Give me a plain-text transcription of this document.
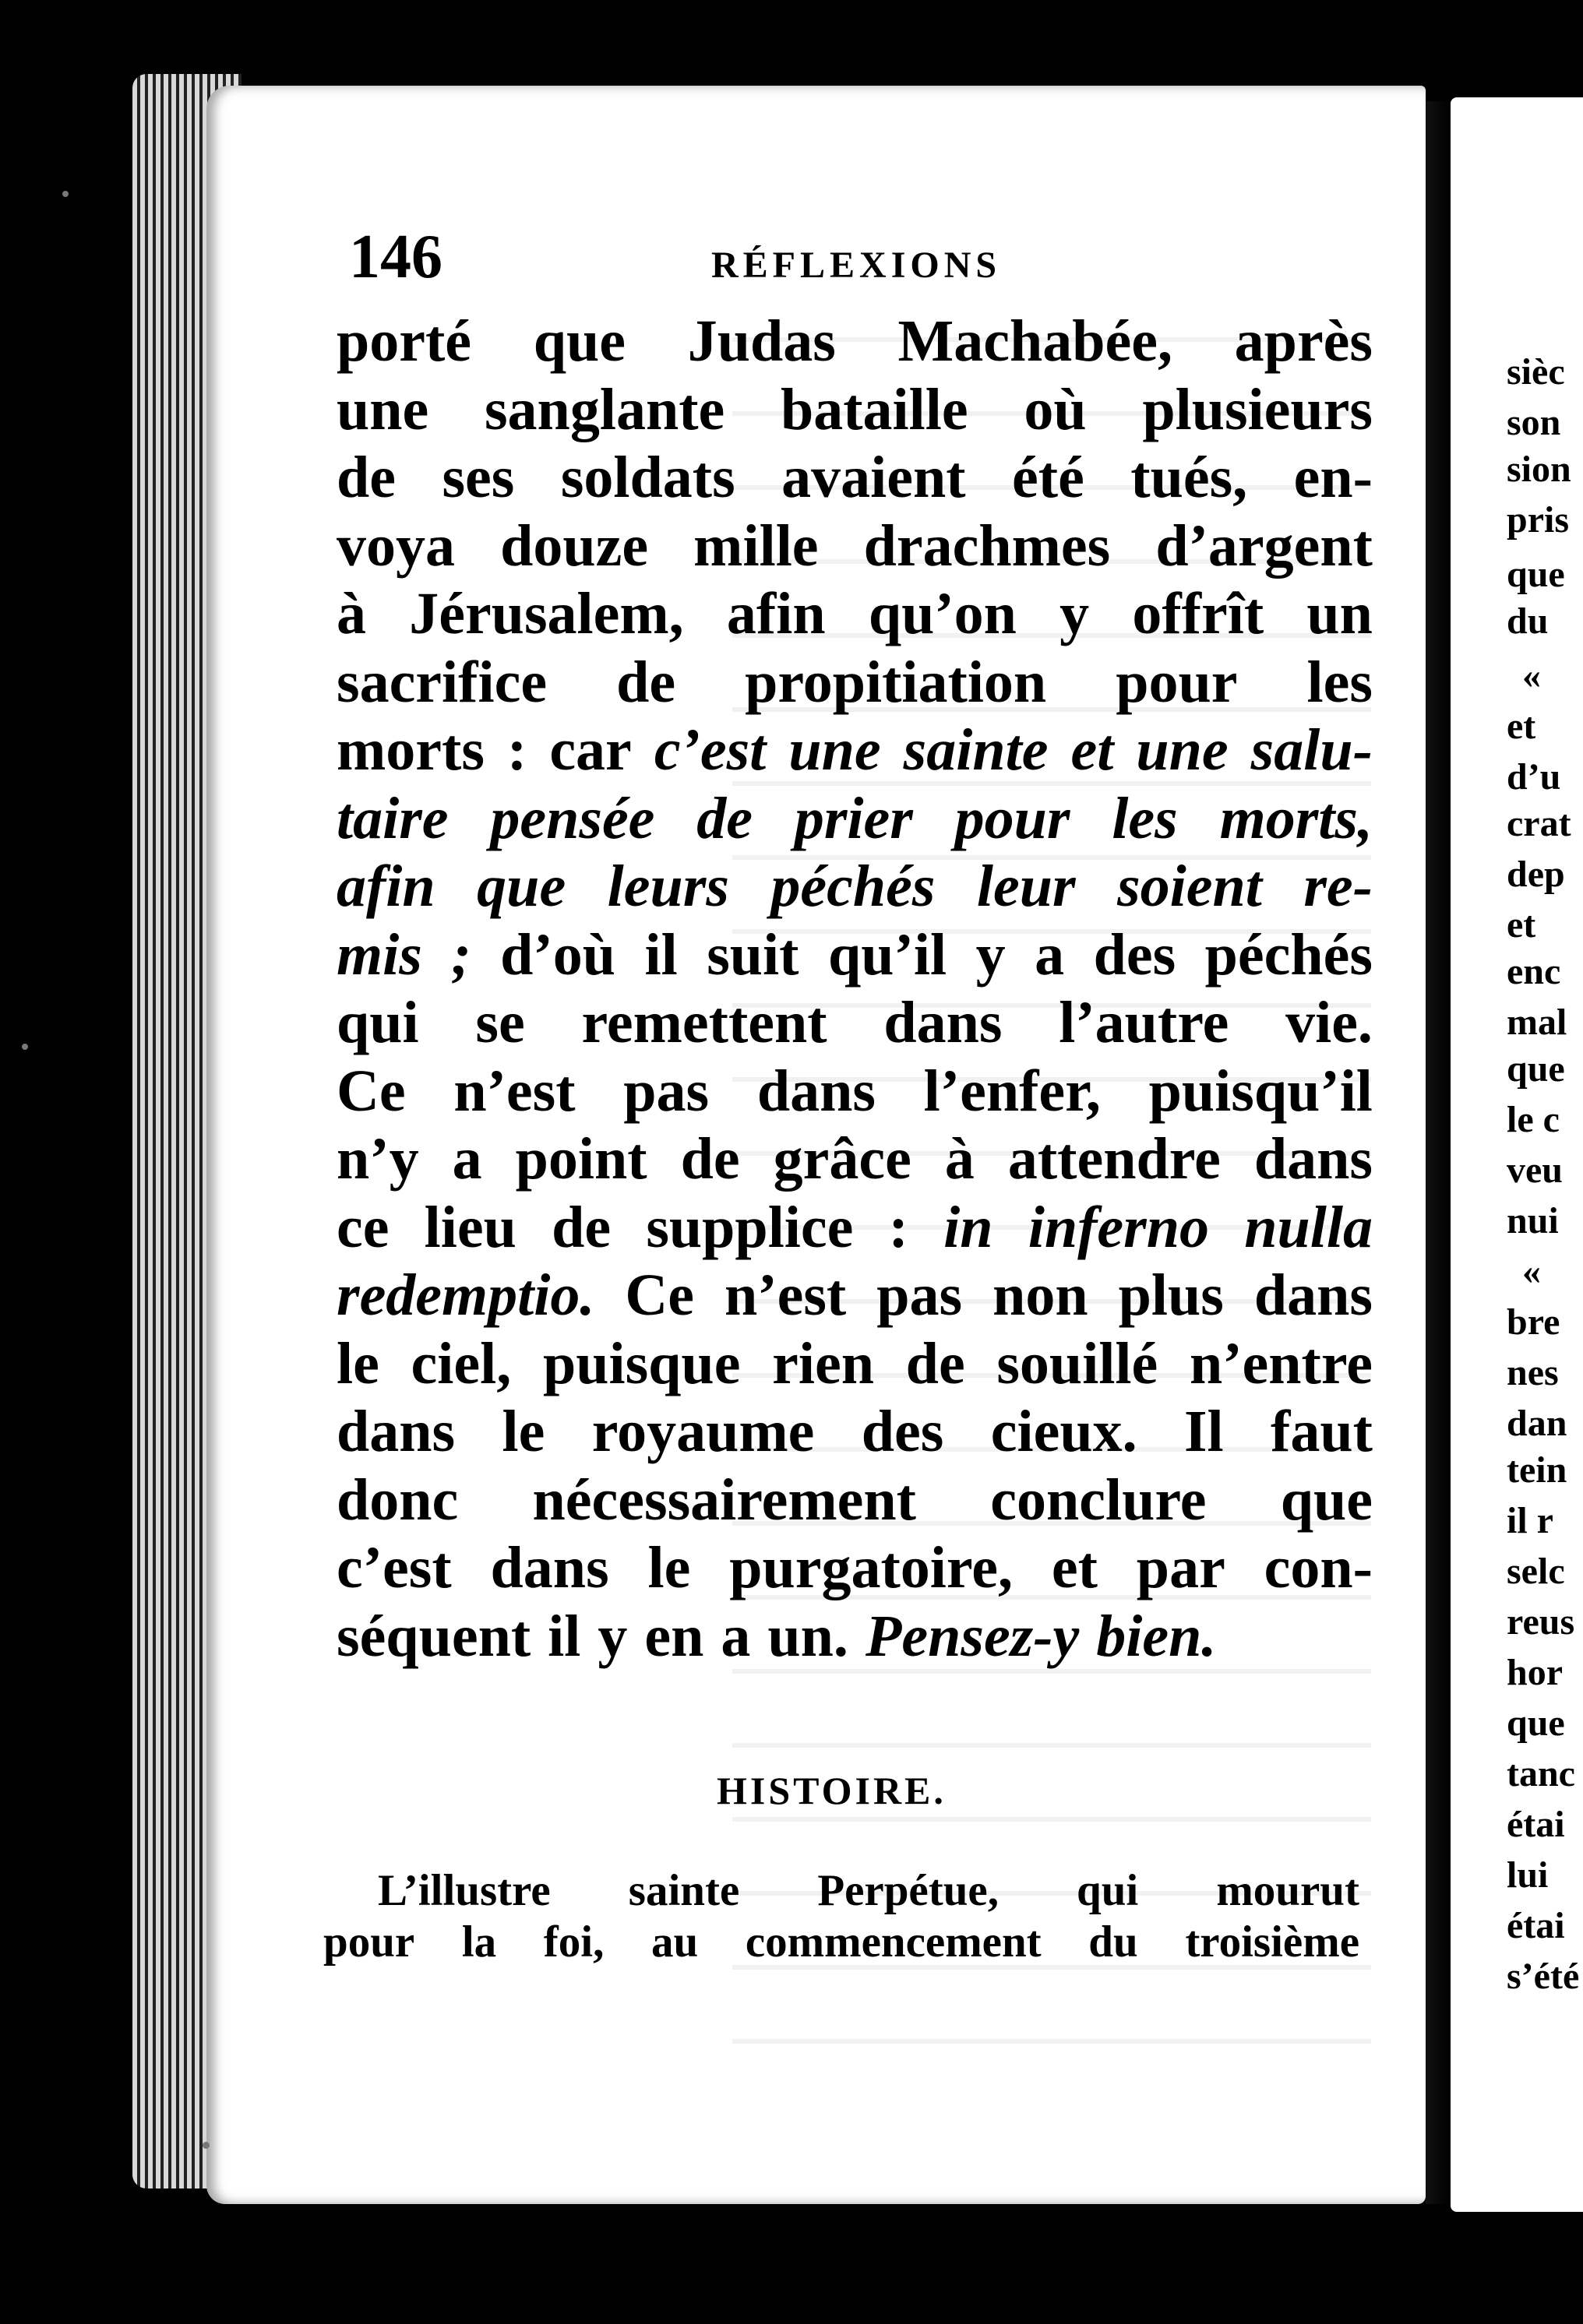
146	RÉFLEXIONS
porté que Judas Machabée, après
une sanglante bataille où plusieurs
de ses soldats avaient été tués, en-
voya douze mille drachmes d’argent
à Jérusalem, afin qu’on y offrît un
sacrifice de propitiation pour les
morts : car c’est une sainte et une salu-
taire pensée de prier pour les morts,
afin que leurs péchés leur soient re-
mis ; d’où il suit qu’il y a des péchés
qui se remettent dans l’autre vie.
Ce n’est pas dans l’enfer, puisqu’il
n’y a point de grâce à attendre dans
ce lieu de supplice : in inferno nulla
redemptio. Ce n’est pas non plus dans
le ciel, puisque rien de souillé n’entre
dans le royaume des cieux. Il faut
donc nécessairement conclure que
c’est dans le purgatoire, et par con-
séquent il y en a un. Pensez-y bien.
HISTOIRE.
L’illustre sainte Perpétue, qui mourut
pour la foi, au commencement du troisième
sièc
son
sion
pris
que
du
«
et
d’u
crat
dep
et
enc
mal
que
le c
veu
nui
«
bre
nes
dan
tein
il r
selc
reus
hor
que
tanc
étai
lui
étai
s’été
